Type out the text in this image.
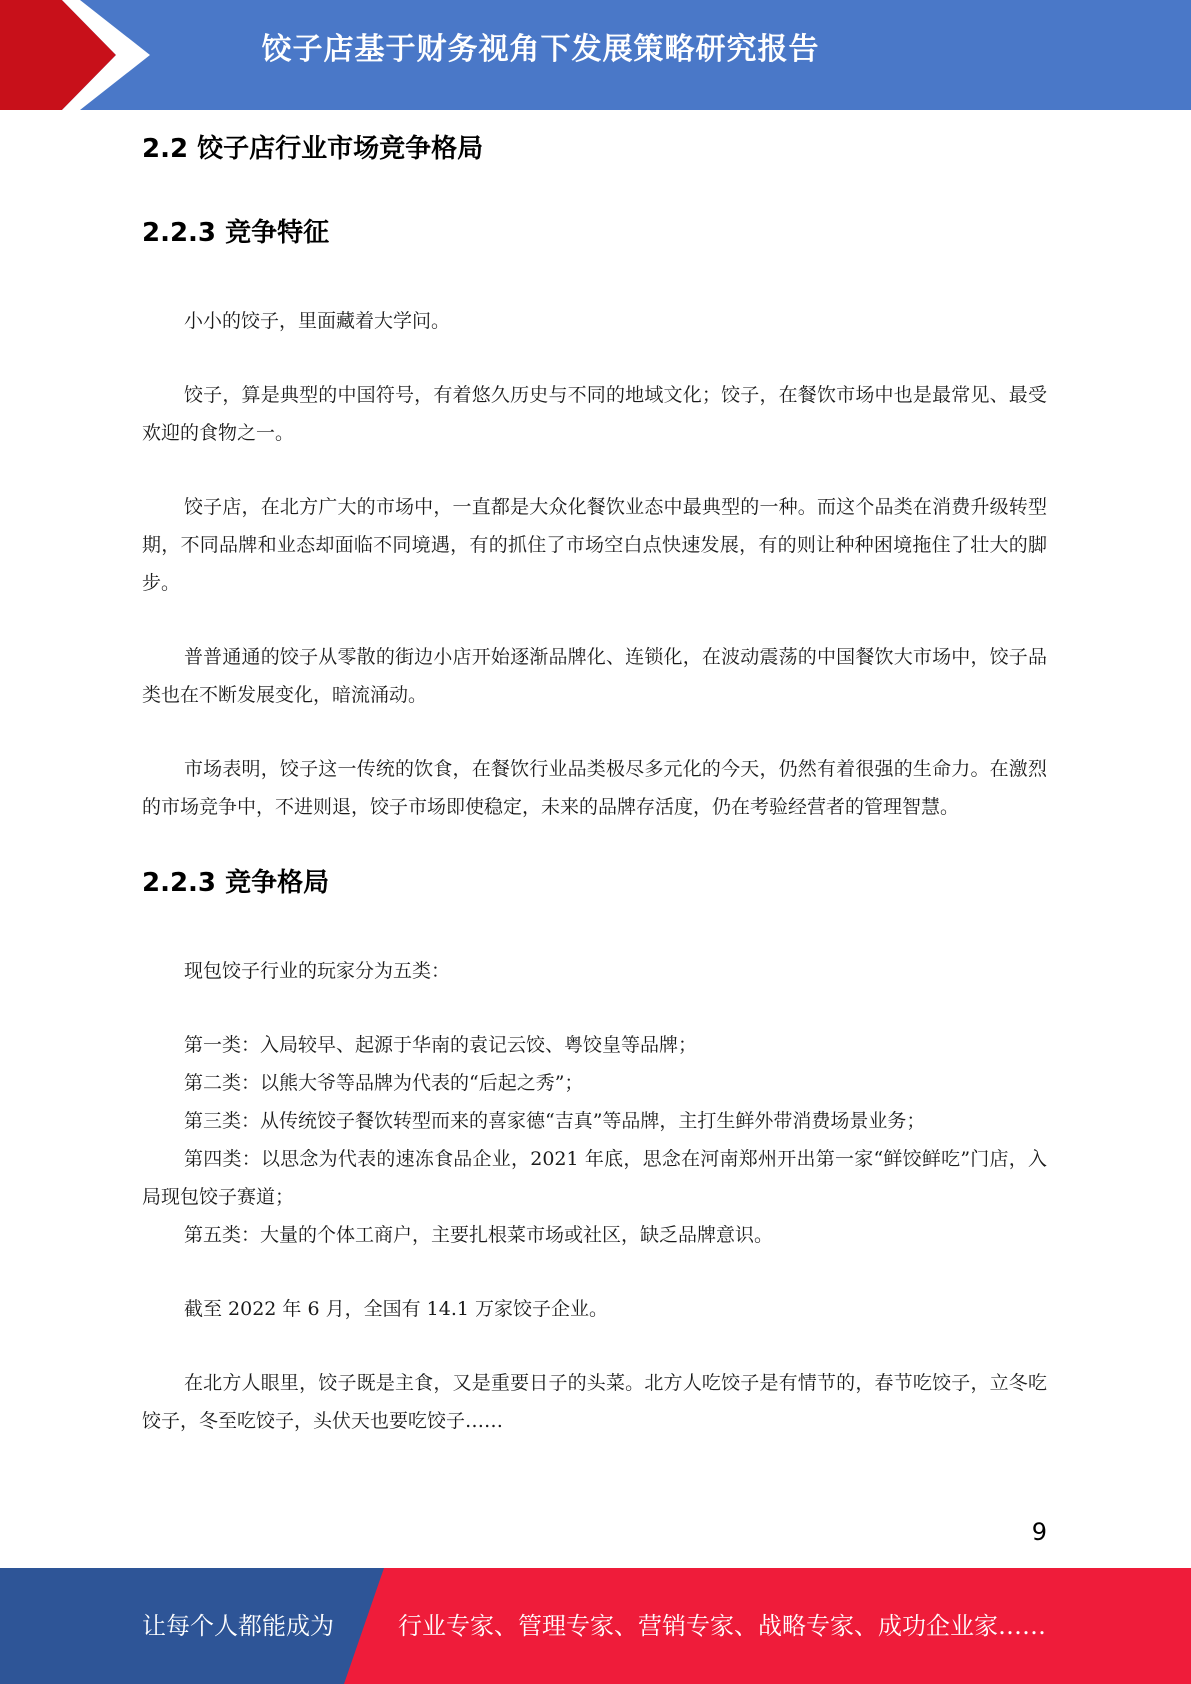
饺子店基于财务视角下发展策略研究报告
2.2 饺子店行业市场竞争格局
2.2.3 竞争特征

小小的饺子，里面藏着大学问。

饺子，算是典型的中国符号，有着悠久历史与不同的地域文化；饺子，在餐饮市场中也是最常见、最受欢迎的食物之一。

饺子店，在北方广大的市场中，一直都是大众化餐饮业态中最典型的一种。而这个品类在消费升级转型期，不同品牌和业态却面临不同境遇，有的抓住了市场空白点快速发展，有的则让种种困境拖住了壮大的脚步。

普普通通的饺子从零散的街边小店开始逐渐品牌化、连锁化，在波动震荡的中国餐饮大市场中，饺子品类也在不断发展变化，暗流涌动。

市场表明，饺子这一传统的饮食，在餐饮行业品类极尽多元化的今天，仍然有着很强的生命力。在激烈的市场竞争中，不进则退，饺子市场即使稳定，未来的品牌存活度，仍在考验经营者的管理智慧。

2.2.3 竞争格局

现包饺子行业的玩家分为五类：

第一类：入局较早、起源于华南的袁记云饺、粤饺皇等品牌；

第二类：以熊大爷等品牌为代表的“后起之秀”；

第三类：从传统饺子餐饮转型而来的喜家德“吉真”等品牌，主打生鲜外带消费场景业务；

第四类：以思念为代表的速冻食品企业，2021 年底，思念在河南郑州开出第一家“鲜饺鲜吃”门店，入局现包饺子赛道；

第五类：大量的个体工商户，主要扎根菜市场或社区，缺乏品牌意识。

截至 2022 年 6 月，全国有 14.1 万家饺子企业。

在北方人眼里，饺子既是主食，又是重要日子的头菜。北方人吃饺子是有情节的，春节吃饺子，立冬吃饺子，冬至吃饺子，头伏天也要吃饺子……

9
让每个人都能成为	行业专家、管理专家、营销专家、战略专家、成功企业家……
